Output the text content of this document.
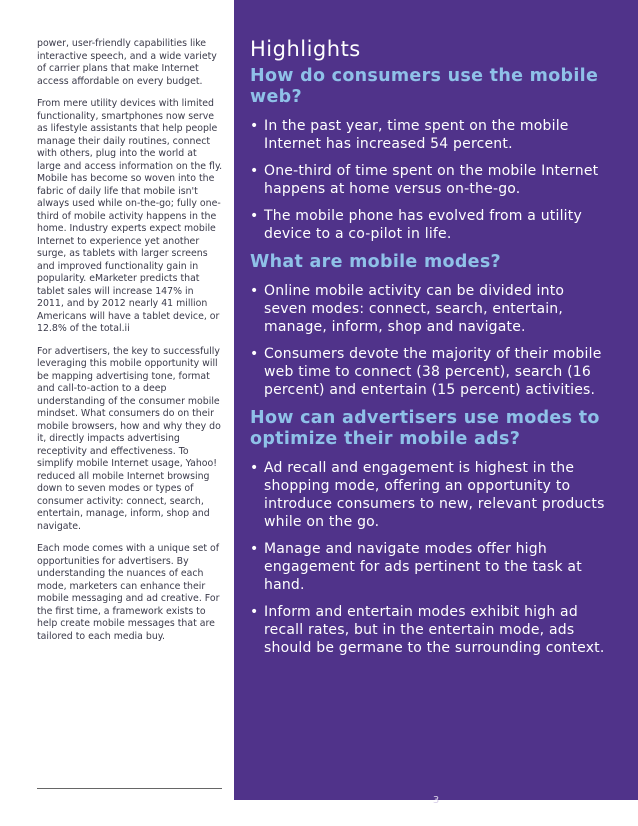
power, user-friendly capabilities like interactive speech, and a wide variety of carrier plans that make Internet access affordable on every budget.

From mere utility devices with limited functionality, smartphones now serve as lifestyle assistants that help people manage their daily routines, connect with others, plug into the world at large and access information on the fly. Mobile has become so woven into the fabric of daily life that mobile isn't always used while on-the-go; fully one-third of mobile activity happens in the home. Industry experts expect mobile Internet to experience yet another surge, as tablets with larger screens and improved functionality gain in popularity. eMarketer predicts that tablet sales will increase 147% in 2011, and by 2012 nearly 41 million Americans will have a tablet device, or 12.8% of the total.ii

For advertisers, the key to successfully leveraging this mobile opportunity will be mapping advertising tone, format and call-to-action to a deep understanding of the consumer mobile mindset. What consumers do on their mobile browsers, how and why they do it, directly impacts advertising receptivity and effectiveness. To simplify mobile Internet usage, Yahoo! reduced all mobile Internet browsing down to seven modes or types of consumer activity: connect, search, entertain, manage, inform, shop and navigate.

Each mode comes with a unique set of opportunities for advertisers. By understanding the nuances of each mode, marketers can enhance their mobile messaging and ad creative. For the first time, a framework exists to help create mobile messages that are tailored to each media buy.

Highlights
How do consumers use the mobile web?
• In the past year, time spent on the mobile Internet has increased 54 percent.
• One-third of time spent on the mobile Internet happens at home versus on-the-go.
• The mobile phone has evolved from a utility device to a co-pilot in life.
What are mobile modes?
• Online mobile activity can be divided into seven modes: connect, search, entertain, manage, inform, shop and navigate.
• Consumers devote the majority of their mobile web time to connect (38 percent), search (16 percent) and entertain (15 percent) activities.
How can advertisers use modes to optimize their mobile ads?
• Ad recall and engagement is highest in the shopping mode, offering an opportunity to introduce consumers to new, relevant products while on the go.
• Manage and navigate modes offer high engagement for ads pertinent to the task at hand.
• Inform and entertain modes exhibit high ad recall rates, but in the entertain mode, ads should be germane to the surrounding context.
3
